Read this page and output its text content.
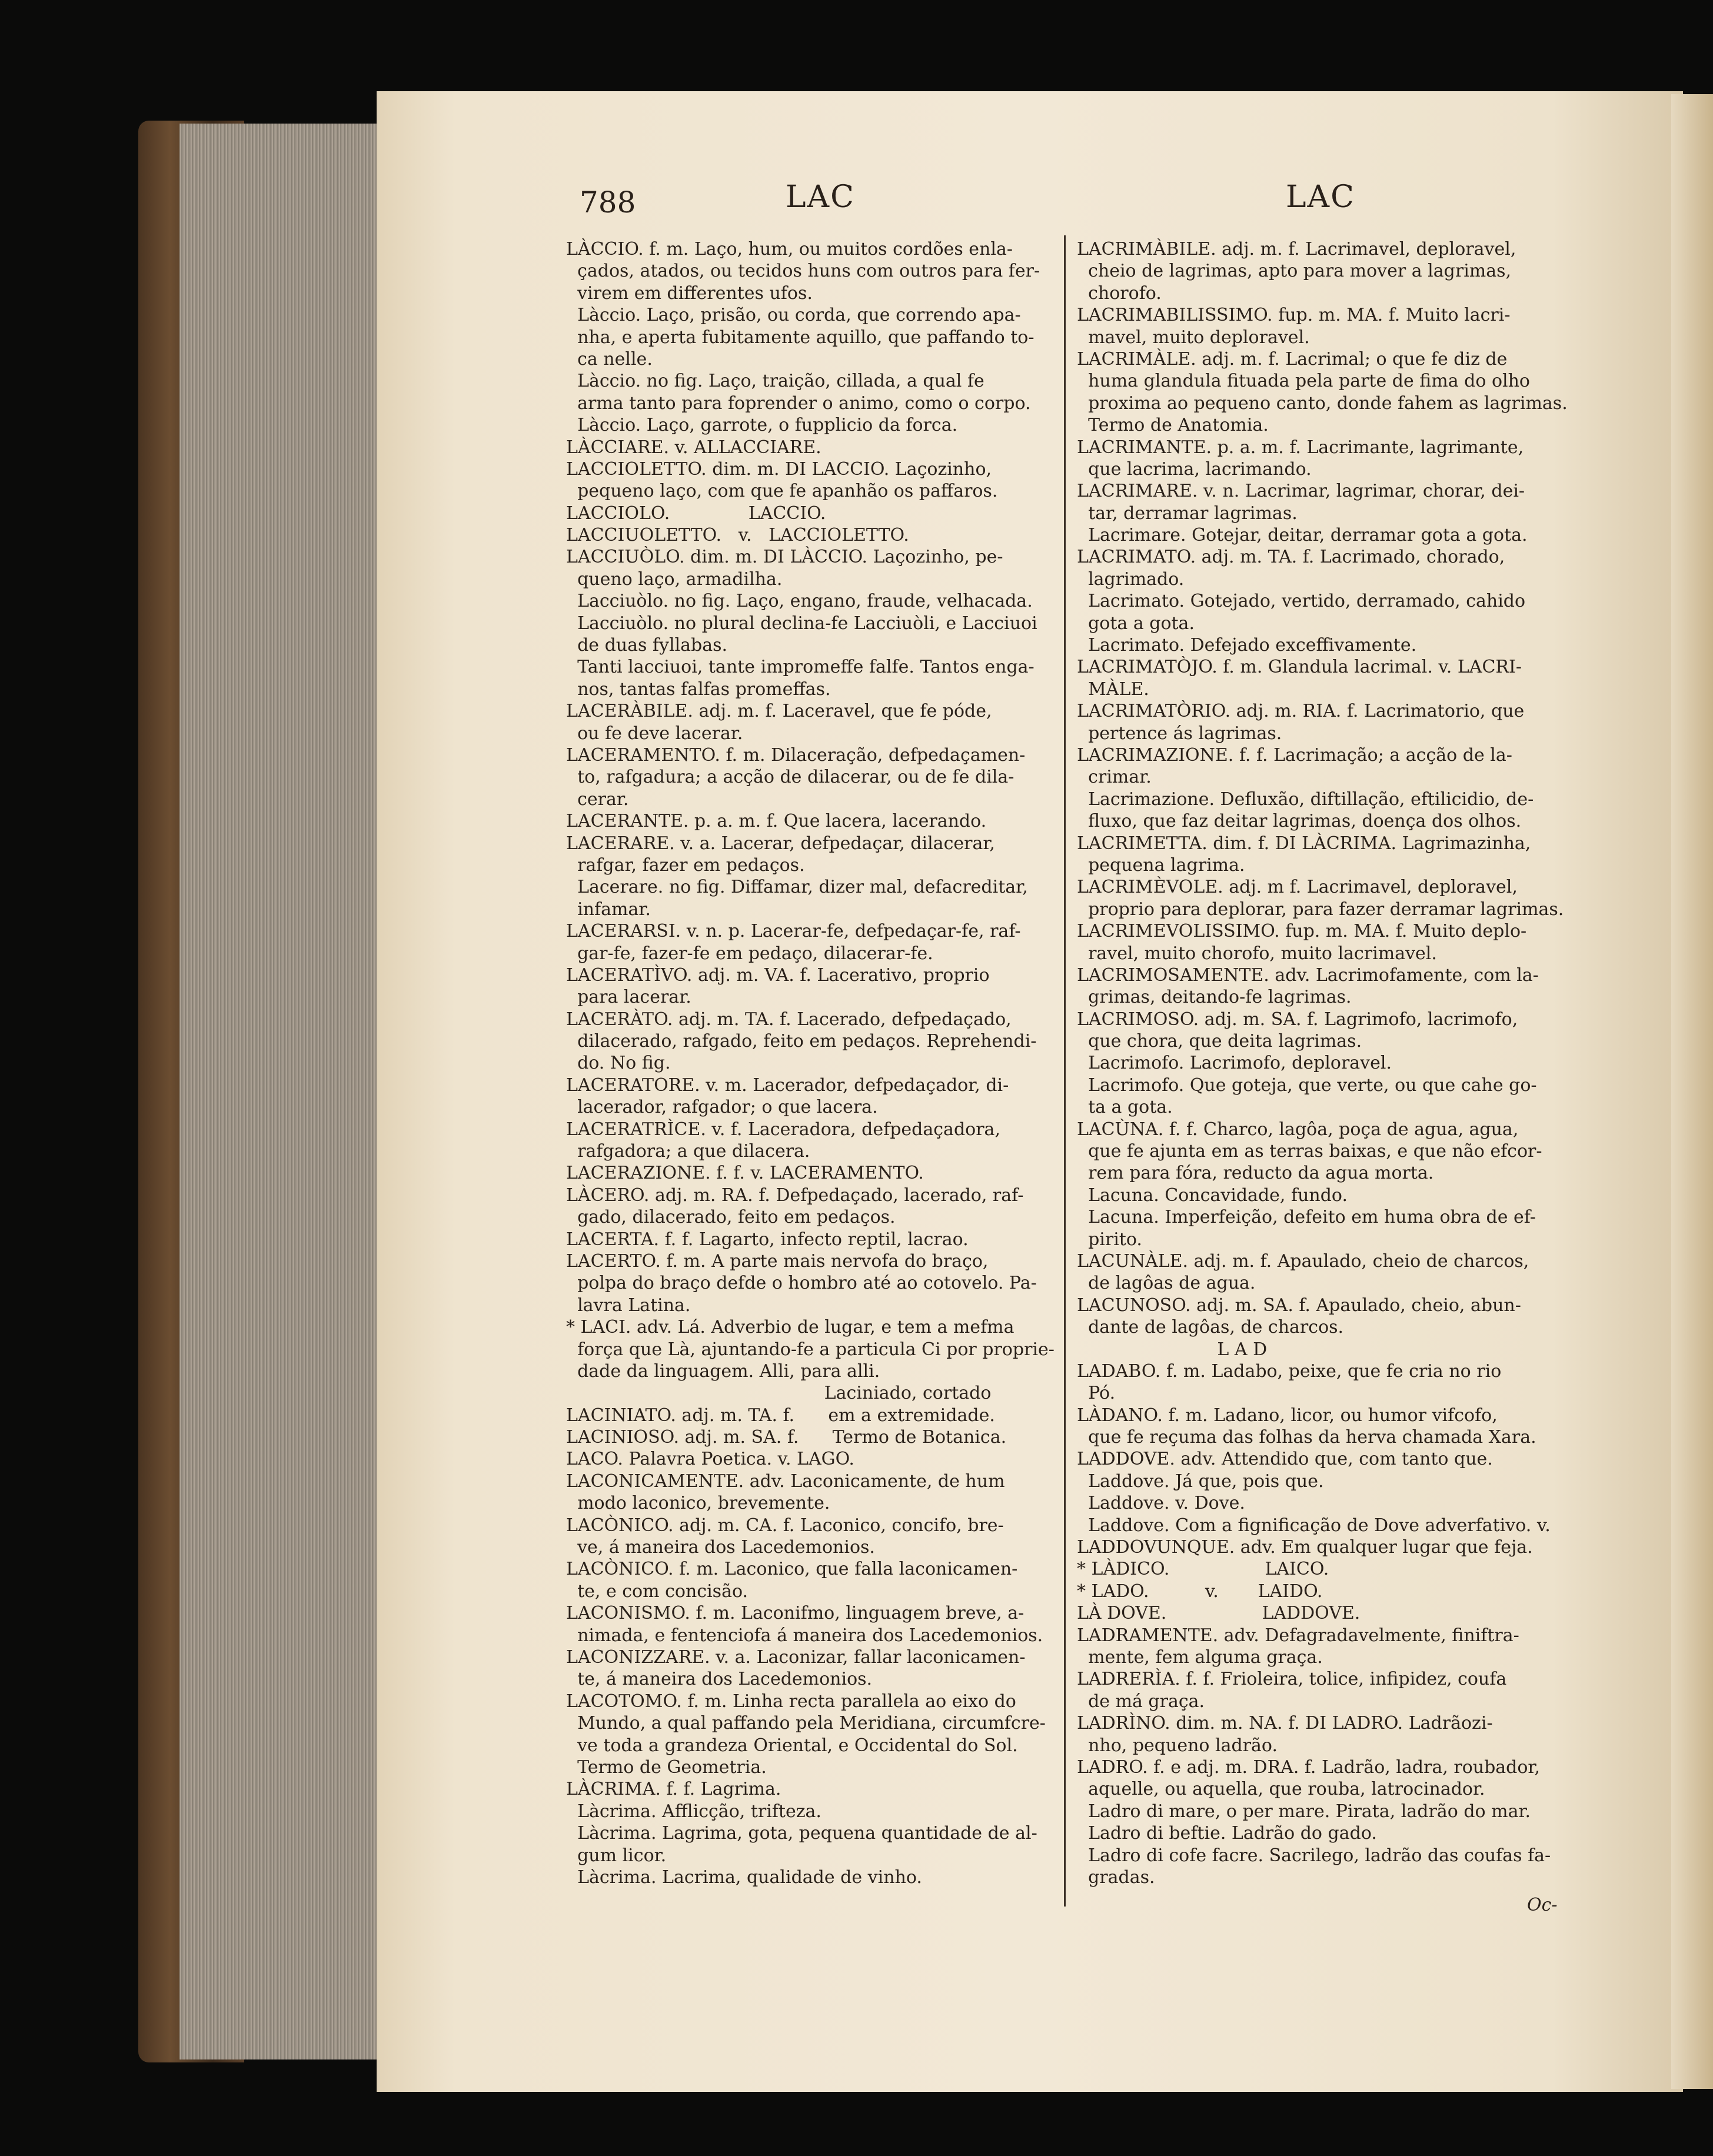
788	LAC	LAC
LÀCCIO. f. m. Laço, hum, ou muitos cordões enla-
çados, atados, ou tecidos huns com outros para fer-
virem em differentes ufos.
Làccio. Laço, prisão, ou corda, que correndo apa-
nha, e aperta fubitamente aquillo, que paffando to-
ca nelle.
Làccio. no fig. Laço, traição, cillada, a qual fe
arma tanto para foprender o animo, como o corpo.
Làccio. Laço, garrote, o fupplicio da forca.
LÀCCIARE. v. ALLACCIARE.
LACCIOLETTO. dim. m. DI LACCIO. Laçozinho,
pequeno laço, com que fe apanhão os paffaros.
LACCIOLO.              LACCIO.
LACCIUOLETTO.   v.   LACCIOLETTO.
LACCIUÒLO. dim. m. DI LÀCCIO. Laçozinho, pe-
queno laço, armadilha.
Lacciuòlo. no fig. Laço, engano, fraude, velhacada.
Lacciuòlo. no plural declina-fe Lacciuòli, e Lacciuoi
de duas fyllabas.
Tanti lacciuoi, tante impromeffe falfe. Tantos enga-
nos, tantas falfas promeffas.
LACERÀBILE. adj. m. f. Laceravel, que fe póde,
ou fe deve lacerar.
LACERAMENTO. f. m. Dilaceração, defpedaçamen-
to, rafgadura; a acção de dilacerar, ou de fe dila-
cerar.
LACERANTE. p. a. m. f. Que lacera, lacerando.
LACERARE. v. a. Lacerar, defpedaçar, dilacerar,
rafgar, fazer em pedaços.
Lacerare. no fig. Diffamar, dizer mal, defacreditar,
infamar.
LACERARSI. v. n. p. Lacerar-fe, defpedaçar-fe, raf-
gar-fe, fazer-fe em pedaço, dilacerar-fe.
LACERATÌVO. adj. m. VA. f. Lacerativo, proprio
para lacerar.
LACERÀTO. adj. m. TA. f. Lacerado, defpedaçado,
dilacerado, rafgado, feito em pedaços. Reprehendi-
do. No fig.
LACERATORE. v. m. Lacerador, defpedaçador, di-
lacerador, rafgador; o que lacera.
LACERATRÌCE. v. f. Laceradora, defpedaçadora,
rafgadora; a que dilacera.
LACERAZIONE. f. f. v. LACERAMENTO.
LÀCERO. adj. m. RA. f. Defpedaçado, lacerado, raf-
gado, dilacerado, feito em pedaços.
LACERTA. f. f. Lagarto, infecto reptil, lacrao.
LACERTO. f. m. A parte mais nervofa do braço,
polpa do braço defde o hombro até ao cotovelo. Pa-
lavra Latina.
* LACI. adv. Lá. Adverbio de lugar, e tem a mefma
força que Là, ajuntando-fe a particula Ci por proprie-
dade da linguagem. Alli, para alli.
Laciniado, cortado
LACINIATO. adj. m. TA. f.      em a extremidade.
LACINIOSO. adj. m. SA. f.      Termo de Botanica.
LACO. Palavra Poetica. v. LAGO.
LACONICAMENTE. adv. Laconicamente, de hum
modo laconico, brevemente.
LACÒNICO. adj. m. CA. f. Laconico, concifo, bre-
ve, á maneira dos Lacedemonios.
LACÒNICO. f. m. Laconico, que falla laconicamen-
te, e com concisão.
LACONISMO. f. m. Laconifmo, linguagem breve, a-
nimada, e fentenciofa á maneira dos Lacedemonios.
LACONIZZARE. v. a. Laconizar, fallar laconicamen-
te, á maneira dos Lacedemonios.
LACOTOMO. f. m. Linha recta parallela ao eixo do
Mundo, a qual paffando pela Meridiana, circumfcre-
ve toda a grandeza Oriental, e Occidental do Sol.
Termo de Geometria.
LÀCRIMA. f. f. Lagrima.
Làcrima. Afflicção, trifteza.
Làcrima. Lagrima, gota, pequena quantidade de al-
gum licor.
Làcrima. Lacrima, qualidade de vinho.
LACRIMÀBILE. adj. m. f. Lacrimavel, deploravel,
cheio de lagrimas, apto para mover a lagrimas,
chorofo.
LACRIMABILISSIMO. fup. m. MA. f. Muito lacri-
mavel, muito deploravel.
LACRIMÀLE. adj. m. f. Lacrimal; o que fe diz de
huma glandula fituada pela parte de fima do olho
proxima ao pequeno canto, donde fahem as lagrimas.
Termo de Anatomia.
LACRIMANTE. p. a. m. f. Lacrimante, lagrimante,
que lacrima, lacrimando.
LACRIMARE. v. n. Lacrimar, lagrimar, chorar, dei-
tar, derramar lagrimas.
Lacrimare. Gotejar, deitar, derramar gota a gota.
LACRIMATO. adj. m. TA. f. Lacrimado, chorado,
lagrimado.
Lacrimato. Gotejado, vertido, derramado, cahido
gota a gota.
Lacrimato. Defejado exceffivamente.
LACRIMATÒJO. f. m. Glandula lacrimal. v. LACRI-
MÀLE.
LACRIMATÒRIO. adj. m. RIA. f. Lacrimatorio, que
pertence ás lagrimas.
LACRIMAZIONE. f. f. Lacrimação; a acção de la-
crimar.
Lacrimazione. Defluxão, diftillação, eftilicidio, de-
fluxo, que faz deitar lagrimas, doença dos olhos.
LACRIMETTA. dim. f. DI LÀCRIMA. Lagrimazinha,
pequena lagrima.
LACRIMÈVOLE. adj. m f. Lacrimavel, deploravel,
proprio para deplorar, para fazer derramar lagrimas.
LACRIMEVOLISSIMO. fup. m. MA. f. Muito deplo-
ravel, muito chorofo, muito lacrimavel.
LACRIMOSAMENTE. adv. Lacrimofamente, com la-
grimas, deitando-fe lagrimas.
LACRIMOSO. adj. m. SA. f. Lagrimofo, lacrimofo,
que chora, que deita lagrimas.
Lacrimofo. Lacrimofo, deploravel.
Lacrimofo. Que goteja, que verte, ou que cahe go-
ta a gota.
LACÙNA. f. f. Charco, lagôa, poça de agua, agua,
que fe ajunta em as terras baixas, e que não efcor-
rem para fóra, reducto da agua morta.
Lacuna. Concavidade, fundo.
Lacuna. Imperfeição, defeito em huma obra de ef-
pirito.
LACUNÀLE. adj. m. f. Apaulado, cheio de charcos,
de lagôas de agua.
LACUNOSO. adj. m. SA. f. Apaulado, cheio, abun-
dante de lagôas, de charcos.
L A D
LADABO. f. m. Ladabo, peixe, que fe cria no rio
Pó.
LÀDANO. f. m. Ladano, licor, ou humor vifcofo,
que fe reçuma das folhas da herva chamada Xara.
LADDOVE. adv. Attendido que, com tanto que.
Laddove. Já que, pois que.
Laddove. v. Dove.
Laddove. Com a fignificação de Dove adverfativo. v.
LADDOVUNQUE. adv. Em qualquer lugar que feja.
* LÀDICO.                 LAICO.
* LADO.          v.       LAIDO.
LÀ DOVE.                 LADDOVE.
LADRAMENTE. adv. Defagradavelmente, finiftra-
mente, fem alguma graça.
LADRERÌA. f. f. Frioleira, tolice, infipidez, coufa
de má graça.
LADRÌNO. dim. m. NA. f. DI LADRO. Ladrãozi-
nho, pequeno ladrão.
LADRO. f. e adj. m. DRA. f. Ladrão, ladra, roubador,
aquelle, ou aquella, que rouba, latrocinador.
Ladro di mare, o per mare. Pirata, ladrão do mar.
Ladro di beftie. Ladrão do gado.
Ladro di cofe facre. Sacrilego, ladrão das coufas fa-
gradas.
Oc-
